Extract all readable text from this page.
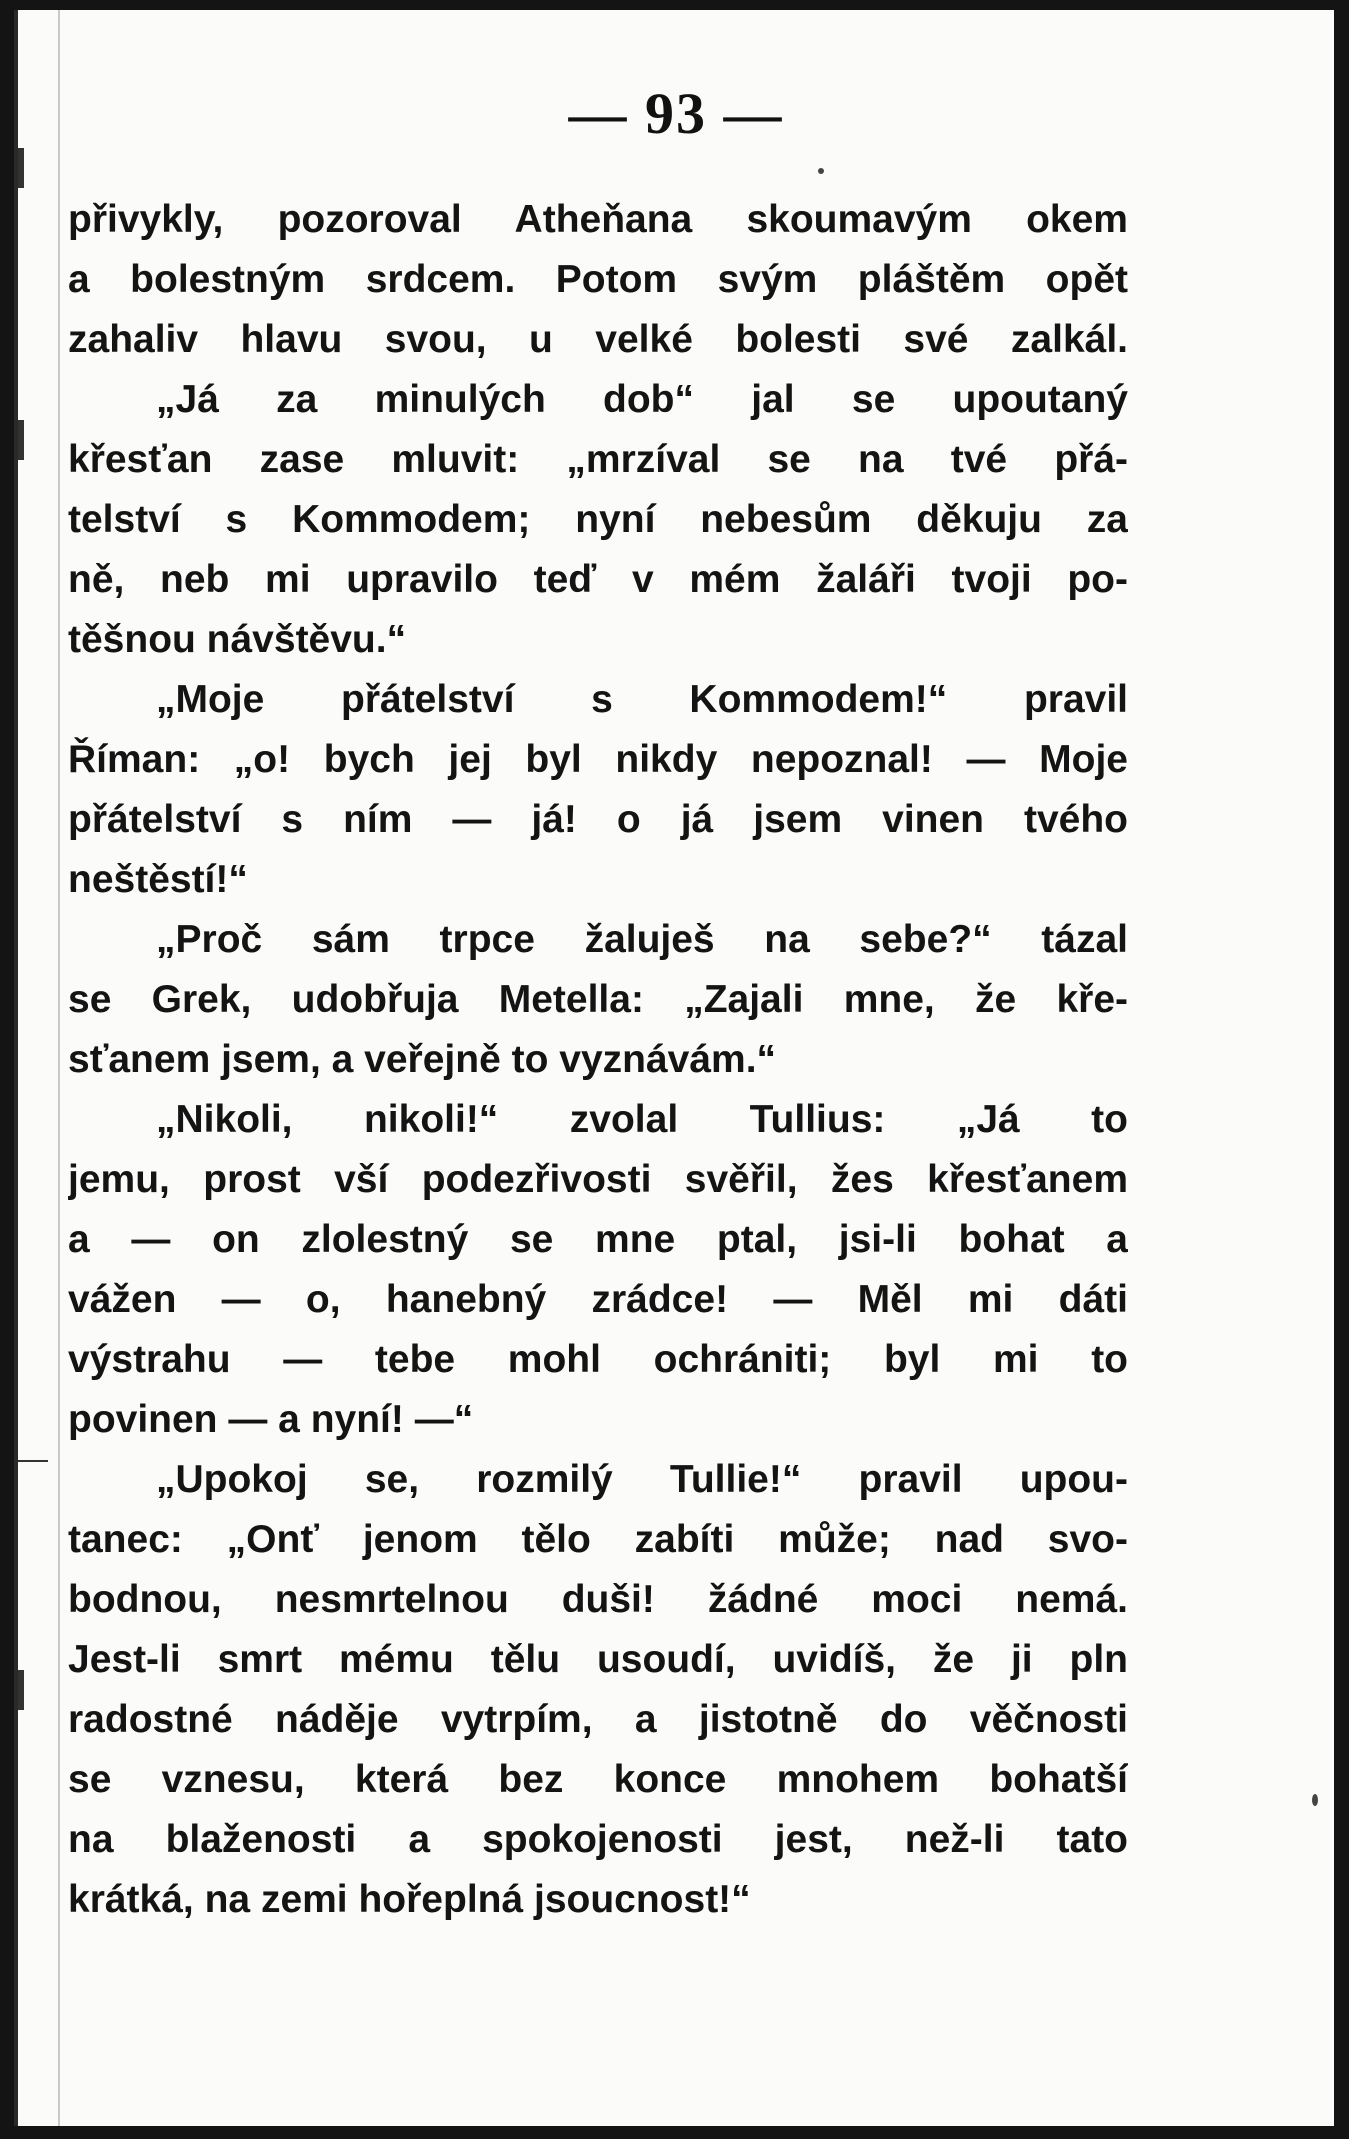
— 93 —
přivykly, pozoroval Atheňana skoumavým okem
a bolestným srdcem. Potom svým pláštěm opět
zahaliv hlavu svou, u velké bolesti své zalkál.
„Já za minulých dob“ jal se upoutaný
křesťan zase mluvit: „mrzíval se na tvé přá-
telství s Kommodem; nyní nebesům děkuju za
ně, neb mi upravilo teď v mém žaláři tvoji po-
těšnou návštěvu.“
„Moje přátelství s Kommodem!“ pravil
Říman: „o! bych jej byl nikdy nepoznal! — Moje
přátelství s ním — já! o já jsem vinen tvého
neštěstí!“
„Proč sám trpce žaluješ na sebe?“ tázal
se Grek, udobřuja Metella: „Zajali mne, že kře-
sťanem jsem, a veřejně to vyznávám.“
„Nikoli, nikoli!“ zvolal Tullius: „Já to
jemu, prost vší podezřivosti svěřil, žes křesťanem
a — on zlolestný se mne ptal, jsi-li bohat a
vážen — o, hanebný zrádce! — Měl mi dáti
výstrahu — tebe mohl ochrániti; byl mi to
povinen — a nyní! —“
„Upokoj se, rozmilý Tullie!“ pravil upou-
tanec: „Onť jenom tělo zabíti může; nad svo-
bodnou, nesmrtelnou duši! žádné moci nemá.
Jest-li smrt mému tělu usoudí, uvidíš, že ji pln
radostné náděje vytrpím, a jistotně do věčnosti
se vznesu, která bez konce mnohem bohatší
na blaženosti a spokojenosti jest, než-li tato
krátká, na zemi hořeplná jsoucnost!“
